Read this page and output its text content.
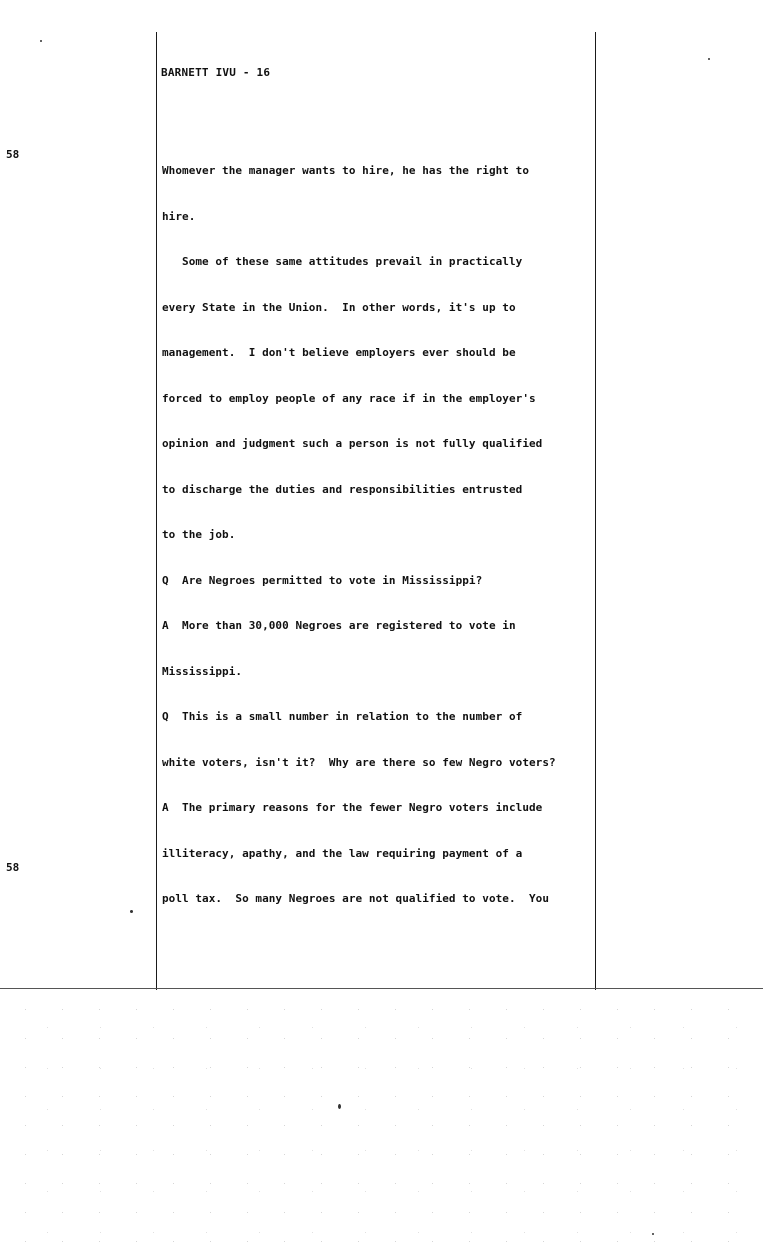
58
58
BARNETT IVU - 16
Whomever the manager wants to hire, he has the right to
hire.
Some of these same attitudes prevail in practically
every State in the Union.  In other words, it's up to
management.  I don't believe employers ever should be
forced to employ people of any race if in the employer's
opinion and judgment such a person is not fully qualified
to discharge the duties and responsibilities entrusted
to the job.
Q  Are Negroes permitted to vote in Mississippi?
A  More than 30,000 Negroes are registered to vote in
Mississippi.
Q  This is a small number in relation to the number of
white voters, isn't it?  Why are there so few Negro voters?
A  The primary reasons for the fewer Negro voters include
illiteracy, apathy, and the law requiring payment of a
poll tax.  So many Negroes are not qualified to vote.  You
